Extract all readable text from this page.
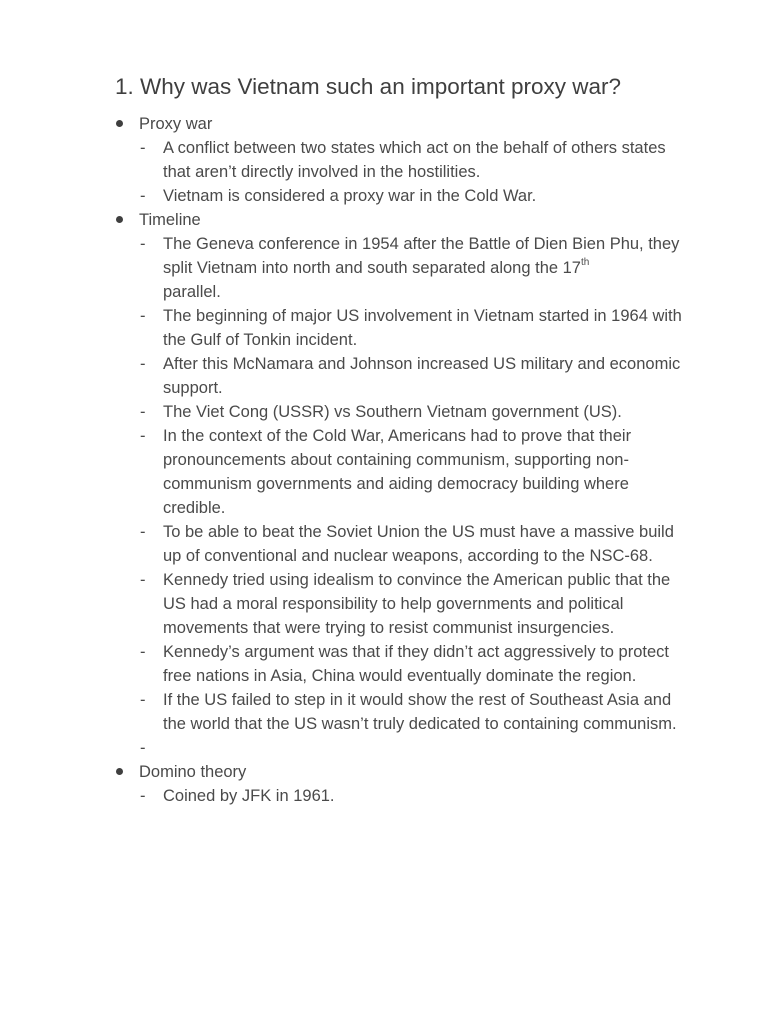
1. Why was Vietnam such an important proxy war?
Proxy war
- A conflict between two states which act on the behalf of others states that aren’t directly involved in the hostilities.
- Vietnam is considered a proxy war in the Cold War.
Timeline
- The Geneva conference in 1954 after the Battle of Dien Bien Phu, they split Vietnam into north and south separated along the 17th
parallel.
- The beginning of major US involvement in Vietnam started in 1964 with the Gulf of Tonkin incident.
- After this McNamara and Johnson increased US military and economic support.
- The Viet Cong (USSR) vs Southern Vietnam government (US).
- In the context of the Cold War, Americans had to prove that their pronouncements about containing communism, supporting non-communism governments and aiding democracy building where credible.
- To be able to beat the Soviet Union the US must have a massive build up of conventional and nuclear weapons, according to the NSC-68.
- Kennedy tried using idealism to convince the American public that the US had a moral responsibility to help governments and political movements that were trying to resist communist insurgencies.
- Kennedy’s argument was that if they didn’t act aggressively to protect free nations in Asia, China would eventually dominate the region.
- If the US failed to step in it would show the rest of Southeast Asia and the world that the US wasn’t truly dedicated to containing communism.
-
Domino theory
- Coined by JFK in 1961.
